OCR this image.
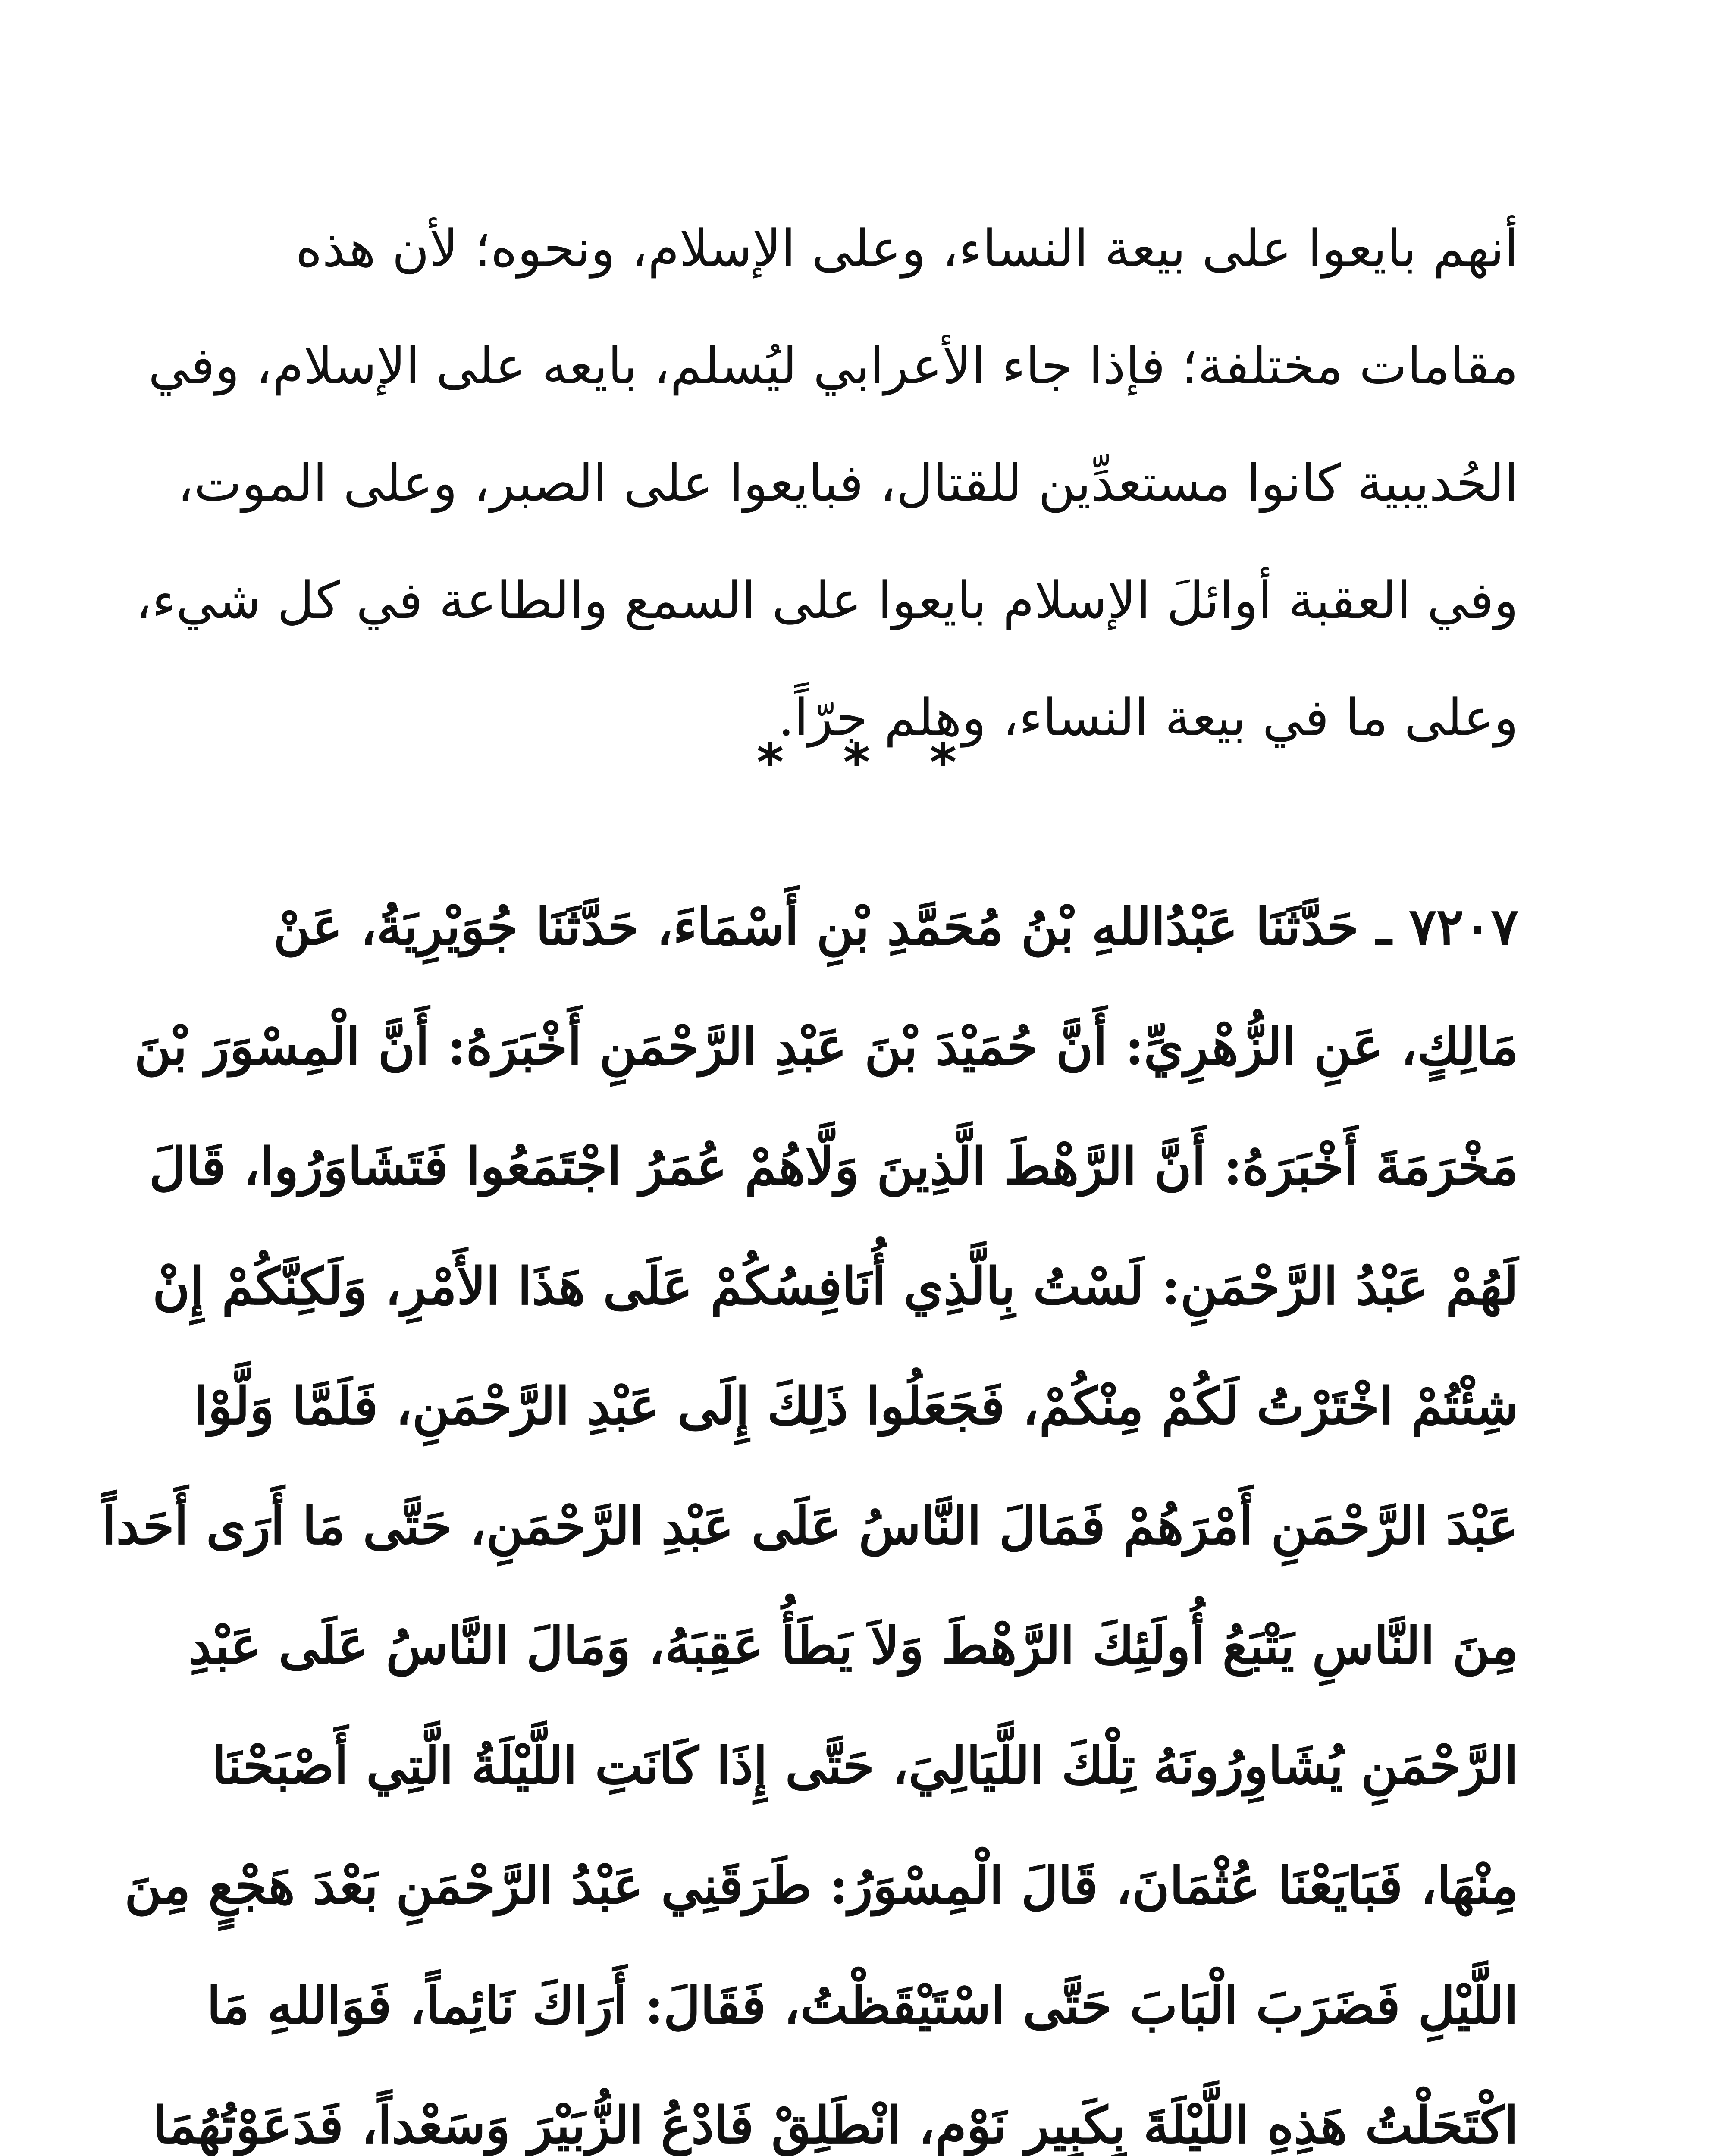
أنهم بايعوا على بيعة النساء، وعلى الإسلام، ونحوه؛ لأن هذه
مقامات مختلفة؛ فإذا جاء الأعرابي ليُسلم، بايعه على الإسلام، وفي
الحُديبية كانوا مستعدِّين للقتال، فبايعوا على الصبر، وعلى الموت،
وفي العقبة أوائلَ الإسلام بايعوا على السمع والطاعة في كل شيء،
وعلى ما في بيعة النساء، وهلم جرّاً.
* * *
٧٢٠٧ ـ حَدَّثَنَا عَبْدُاللهِ بْنُ مُحَمَّدِ بْنِ أَسْمَاءَ، حَدَّثَنَا جُوَيْرِيَةُ، عَنْ
مَالِكٍ، عَنِ الزُّهْرِيِّ: أَنَّ حُمَيْدَ بْنَ عَبْدِ الرَّحْمَنِ أَخْبَرَهُ: أَنَّ الْمِسْوَرَ بْنَ
مَخْرَمَةَ أَخْبَرَهُ: أَنَّ الرَّهْطَ الَّذِينَ وَلَّاهُمْ عُمَرُ اجْتَمَعُوا فَتَشَاوَرُوا، قَالَ
لَهُمْ عَبْدُ الرَّحْمَنِ: لَسْتُ بِالَّذِي أُنَافِسُكُمْ عَلَى هَذَا الأَمْرِ، وَلَكِنَّكُمْ إِنْ
شِئْتُمْ اخْتَرْتُ لَكُمْ مِنْكُمْ، فَجَعَلُوا ذَلِكَ إِلَى عَبْدِ الرَّحْمَنِ، فَلَمَّا وَلَّوْا
عَبْدَ الرَّحْمَنِ أَمْرَهُمْ فَمَالَ النَّاسُ عَلَى عَبْدِ الرَّحْمَنِ، حَتَّى مَا أَرَى أَحَداً
مِنَ النَّاسِ يَتْبَعُ أُولَئِكَ الرَّهْطَ وَلاَ يَطَأُ عَقِبَهُ، وَمَالَ النَّاسُ عَلَى عَبْدِ
الرَّحْمَنِ يُشَاوِرُونَهُ تِلْكَ اللَّيَالِيَ، حَتَّى إِذَا كَانَتِ اللَّيْلَةُ الَّتِي أَصْبَحْنَا
مِنْهَا، فَبَايَعْنَا عُثْمَانَ، قَالَ الْمِسْوَرُ: طَرَقَنِي عَبْدُ الرَّحْمَنِ بَعْدَ هَجْعٍ مِنَ
اللَّيْلِ فَضَرَبَ الْبَابَ حَتَّى اسْتَيْقَظْتُ، فَقَالَ: أَرَاكَ نَائِماً، فَوَاللهِ مَا
اكْتَحَلْتُ هَذِهِ اللَّيْلَةَ بِكَبِيرِ نَوْمٍ، انْطَلِقْ فَادْعُ الزُّبَيْرَ وَسَعْداً، فَدَعَوْتُهُمَا
